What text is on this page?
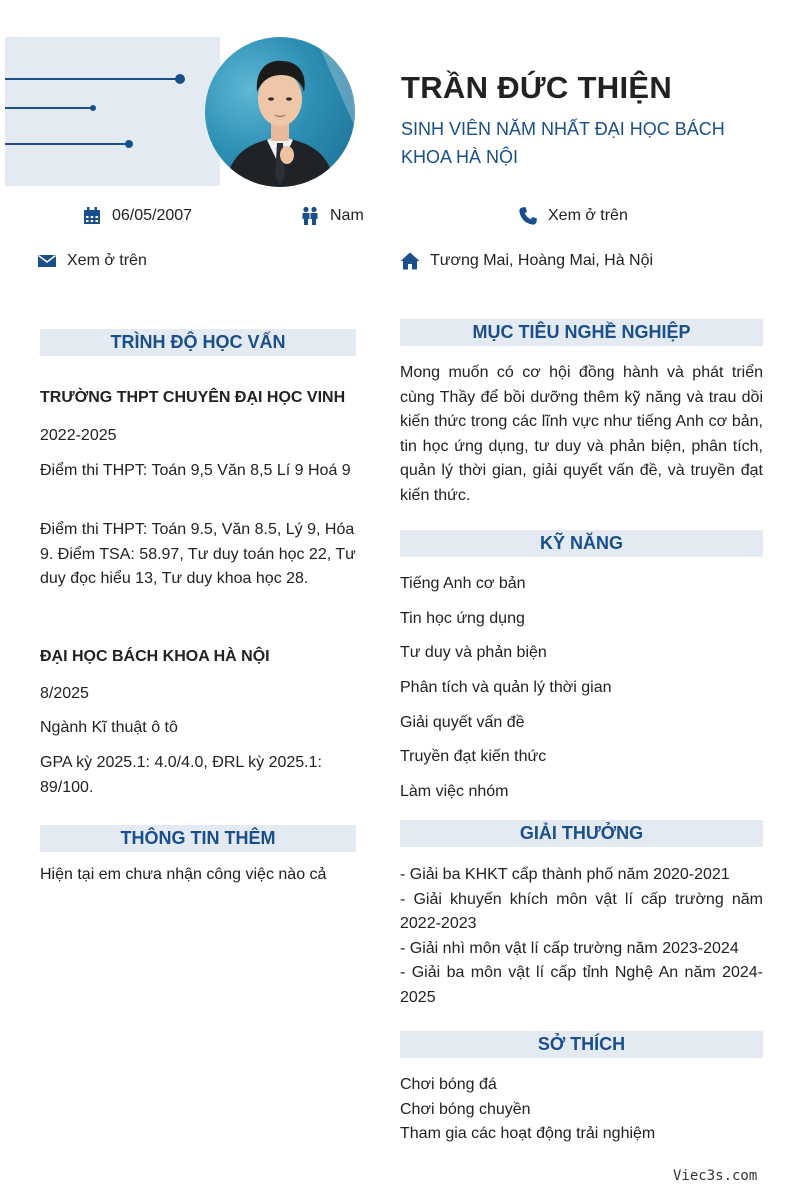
TRẦN ĐỨC THIỆN
SINH VIÊN NĂM NHẤT ĐẠI HỌC BÁCH KHOA HÀ NỘI
06/05/2007	Nam	Xem ở trên
Xem ở trên	Tương Mai, Hoàng Mai, Hà Nội
TRÌNH ĐỘ HỌC VẤN
TRƯỜNG THPT CHUYÊN ĐẠI HỌC VINH
2022-2025
Điểm thi THPT: Toán 9,5 Văn 8,5 Lí 9 Hoá 9
Điểm thi THPT: Toán 9.5, Văn 8.5, Lý 9, Hóa 9. Điểm TSA: 58.97, Tư duy toán học 22, Tư duy đọc hiểu 13, Tư duy khoa học 28.
ĐẠI HỌC BÁCH KHOA HÀ NỘI
8/2025
Ngành Kĩ thuật ô tô
GPA kỳ 2025.1: 4.0/4.0, ĐRL kỳ 2025.1: 89/100.
THÔNG TIN THÊM
Hiện tại em chưa nhận công việc nào cả
MỤC TIÊU NGHỀ NGHIỆP
Mong muốn có cơ hội đồng hành và phát triển cùng Thầy để bồi dưỡng thêm kỹ năng và trau dồi kiến thức trong các lĩnh vực như tiếng Anh cơ bản, tin học ứng dụng, tư duy và phản biện, phân tích, quản lý thời gian, giải quyết vấn đề, và truyền đạt kiến thức.
KỸ NĂNG
Tiếng Anh cơ bản
Tin học ứng dụng
Tư duy và phản biện
Phân tích và quản lý thời gian
Giải quyết vấn đề
Truyền đạt kiến thức
Làm việc nhóm
GIẢI THƯỞNG
- Giải ba KHKT cấp thành phố năm 2020-2021
- Giải khuyến khích môn vật lí cấp trường năm 2022-2023
- Giải nhì môn vật lí cấp trường năm 2023-2024
- Giải ba môn vật lí cấp tỉnh Nghệ An năm 2024-2025
SỞ THÍCH
Chơi bóng đá
Chơi bóng chuyền
Tham gia các hoạt động trải nghiệm
Viec3s.com
